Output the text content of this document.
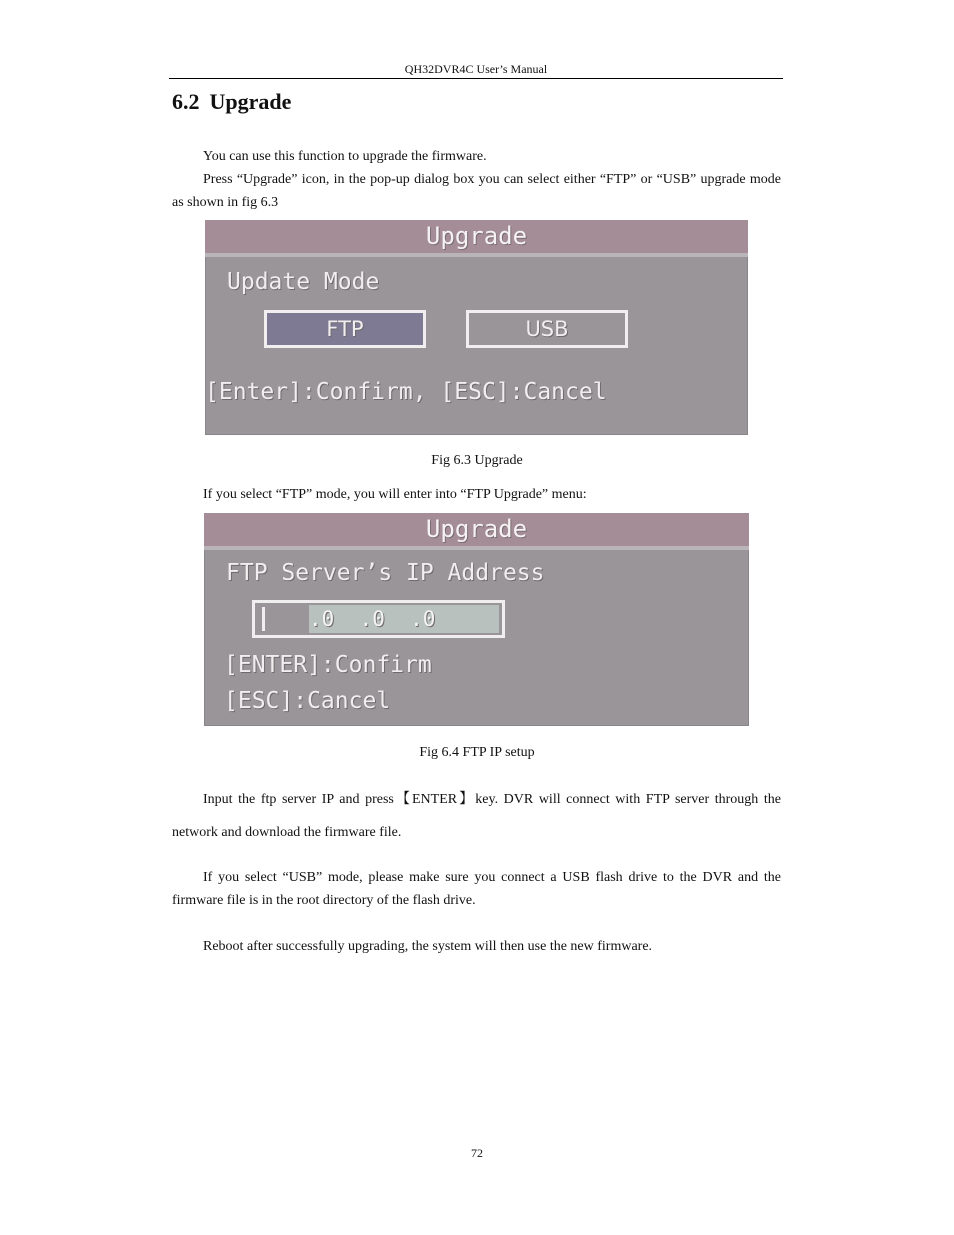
QH32DVR4C User’s Manual
6.2 Upgrade

You can use this function to upgrade the firmware.

Press “Upgrade” icon, in the pop-up dialog box you can select either “FTP” or “USB” upgrade mode as shown in fig 6.3

Upgrade
Update Mode
FTP	USB
[Enter]:Confirm, [ESC]:Cancel
Fig 6.3 Upgrade

If you select “FTP” mode, you will enter into “FTP Upgrade” menu:

Upgrade
FTP Server’s IP Address
.0  .0  .0
[ENTER]:Confirm
[ESC]:Cancel
Fig 6.4 FTP IP setup

Input the ftp server IP and press【ENTER】key. DVR will connect with FTP server through the network and download the firmware file.

If you select “USB” mode, please make sure you connect a USB flash drive to the DVR and the firmware file is in the root directory of the flash drive.

Reboot after successfully upgrading, the system will then use the new firmware.

72
